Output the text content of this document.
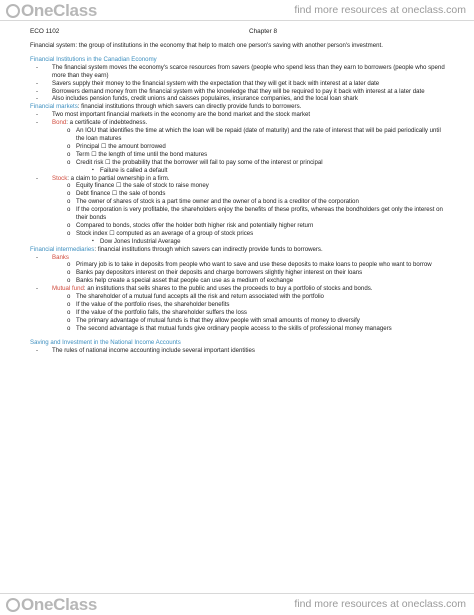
OneClass	find more resources at oneclass.com
ECO 1102	Chapter 8

Financial system: the group of institutions in the economy that help to match one person's saving with another person's investment.

Financial Institutions in the Canadian Economy

- The financial system moves the economy's scarce resources from savers (people who spend less than they earn to borrowers (people who spend more than they earn)

- Savers supply their money to the financial system with the expectation that they will get it back with interest at a later date

- Borrowers demand money from the financial system with the knowledge that they will be required to pay it back with interest at a later date

- Also includes pension funds, credit unions and caisses populaires, insurance companies, and the local loan shark

Financial markets: financial institutions through which savers can directly provide funds to borrowers.

- Two most important financial markets in the economy are the bond market and the stock market

- Bond: a certificate of indebtedness.

o An IOU that identifies the time at which the loan will be repaid (date of maturity) and the rate of interest that will be paid periodically until the loan matures

o Principal ☐ the amount borrowed

o Term ☐ the length of time until the bond matures

o Credit risk ☐ the probability that the borrower will fail to pay some of the interest or principal

▪ Failure is called a default

- Stock: a claim to partial ownership in a firm.

o Equity finance ☐ the sale of stock to raise money

o Debt finance ☐ the sale of bonds

o The owner of shares of stock is a part time owner and the owner of a bond is a creditor of the corporation

o If the corporation is very profitable, the shareholders enjoy the benefits of these profits, whereas the bondholders get only the interest on their bonds

o Compared to bonds, stocks offer the holder both higher risk and potentially higher return

o Stock index ☐ computed as an average of a group of stock prices

▪ Dow Jones Industrial Average

Financial intermediaries: financial institutions through which savers can indirectly provide funds to borrowers.

- Banks

o Primary job is to take in deposits from people who want to save and use these deposits to make loans to people who want to borrow

o Banks pay depositors interest on their deposits and charge borrowers slightly higher interest on their loans

o Banks help create a special asset that people can use as a medium of exchange

- Mutual fund: an institutions that sells shares to the public and uses the proceeds to buy a portfolio of stocks and bonds.

o The shareholder of a mutual fund accepts all the risk and return associated with the portfolio

o If the value of the portfolio rises, the shareholder benefits

o If the value of the portfolio falls, the shareholder suffers the loss

o The primary advantage of mutual funds is that they allow people with small amounts of money to diversify

o The second advantage is that mutual funds give ordinary people access to the skills of professional money managers

Saving and Investment in the National Income Accounts

- The rules of national income accounting include several important identities

OneClass	find more resources at oneclass.com
